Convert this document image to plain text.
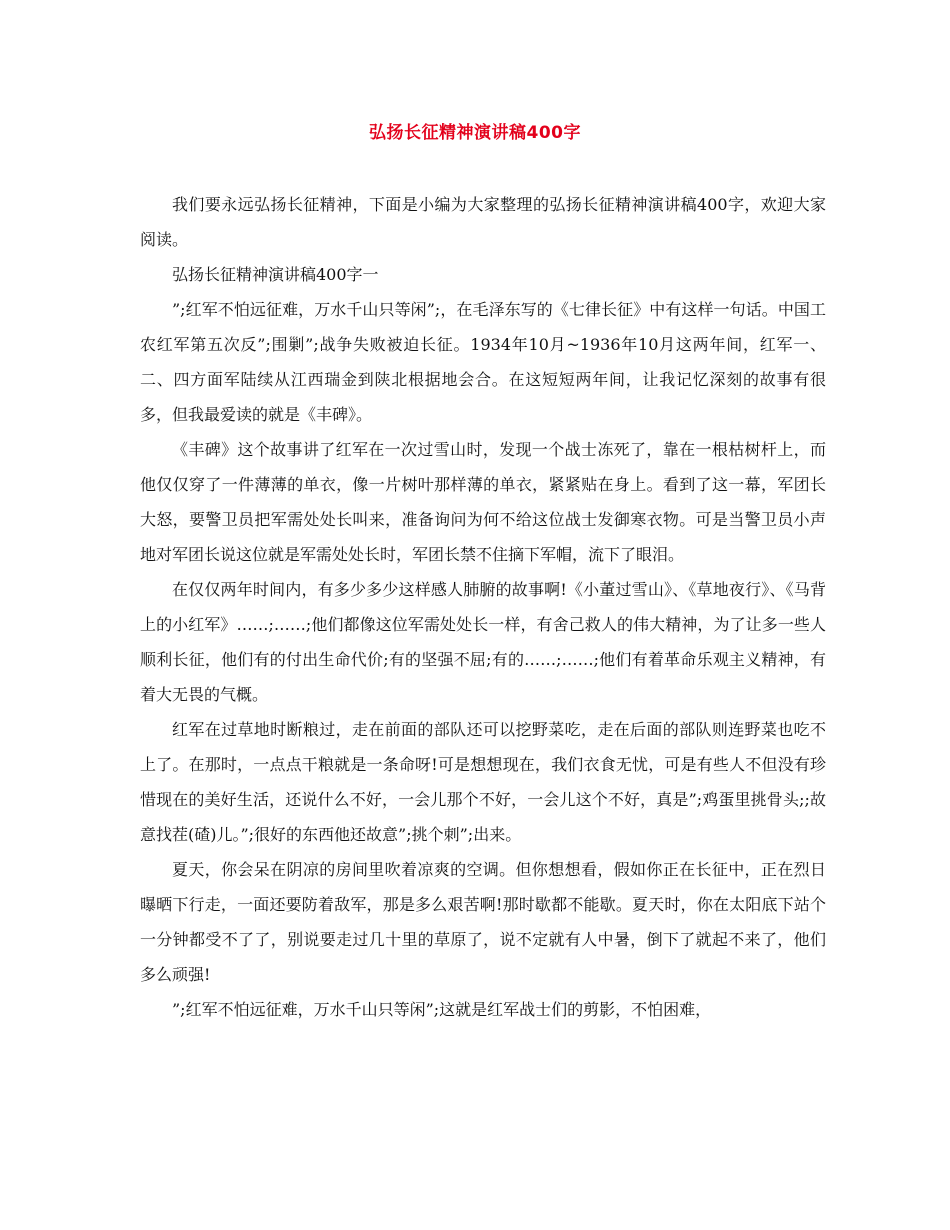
弘扬长征精神演讲稿400字

我们要永远弘扬长征精神，下面是小编为大家整理的弘扬长征精神演讲稿400字，欢迎大家阅读。

弘扬长征精神演讲稿400字一

”;红军不怕远征难，万水千山只等闲”;，在毛泽东写的《七律长征》中有这样一句话。中国工农红军第五次反”;围剿”;战争失败被迫长征。1934年10月~1936年10月这两年间，红军一、二、四方面军陆续从江西瑞金到陕北根据地会合。在这短短两年间，让我记忆深刻的故事有很多，但我最爱读的就是《丰碑》。

《丰碑》这个故事讲了红军在一次过雪山时，发现一个战士冻死了，靠在一根枯树杆上，而他仅仅穿了一件薄薄的单衣，像一片树叶那样薄的单衣，紧紧贴在身上。看到了这一幕，军团长大怒，要警卫员把军需处处长叫来，准备询问为何不给这位战士发御寒衣物。可是当警卫员小声地对军团长说这位就是军需处处长时，军团长禁不住摘下军帽，流下了眼泪。

在仅仅两年时间内，有多少多少这样感人肺腑的故事啊!《小董过雪山》、《草地夜行》、《马背上的小红军》……;……;他们都像这位军需处处长一样，有舍己救人的伟大精神，为了让多一些人顺利长征，他们有的付出生命代价;有的坚强不屈;有的……;……;他们有着革命乐观主义精神，有着大无畏的气概。

红军在过草地时断粮过，走在前面的部队还可以挖野菜吃，走在后面的部队则连野菜也吃不上了。在那时，一点点干粮就是一条命呀!可是想想现在，我们衣食无忧，可是有些人不但没有珍惜现在的美好生活，还说什么不好，一会儿那个不好，一会儿这个不好，真是”;鸡蛋里挑骨头;;故意找茬(碴)儿。”;很好的东西他还故意”;挑个刺”;出来。

夏天，你会呆在阴凉的房间里吹着凉爽的空调。但你想想看，假如你正在长征中，正在烈日曝晒下行走，一面还要防着敌军，那是多么艰苦啊!那时歇都不能歇。夏天时，你在太阳底下站个一分钟都受不了了，别说要走过几十里的草原了，说不定就有人中暑，倒下了就起不来了，他们多么顽强!

”;红军不怕远征难，万水千山只等闲”;这就是红军战士们的剪影，不怕困难，
